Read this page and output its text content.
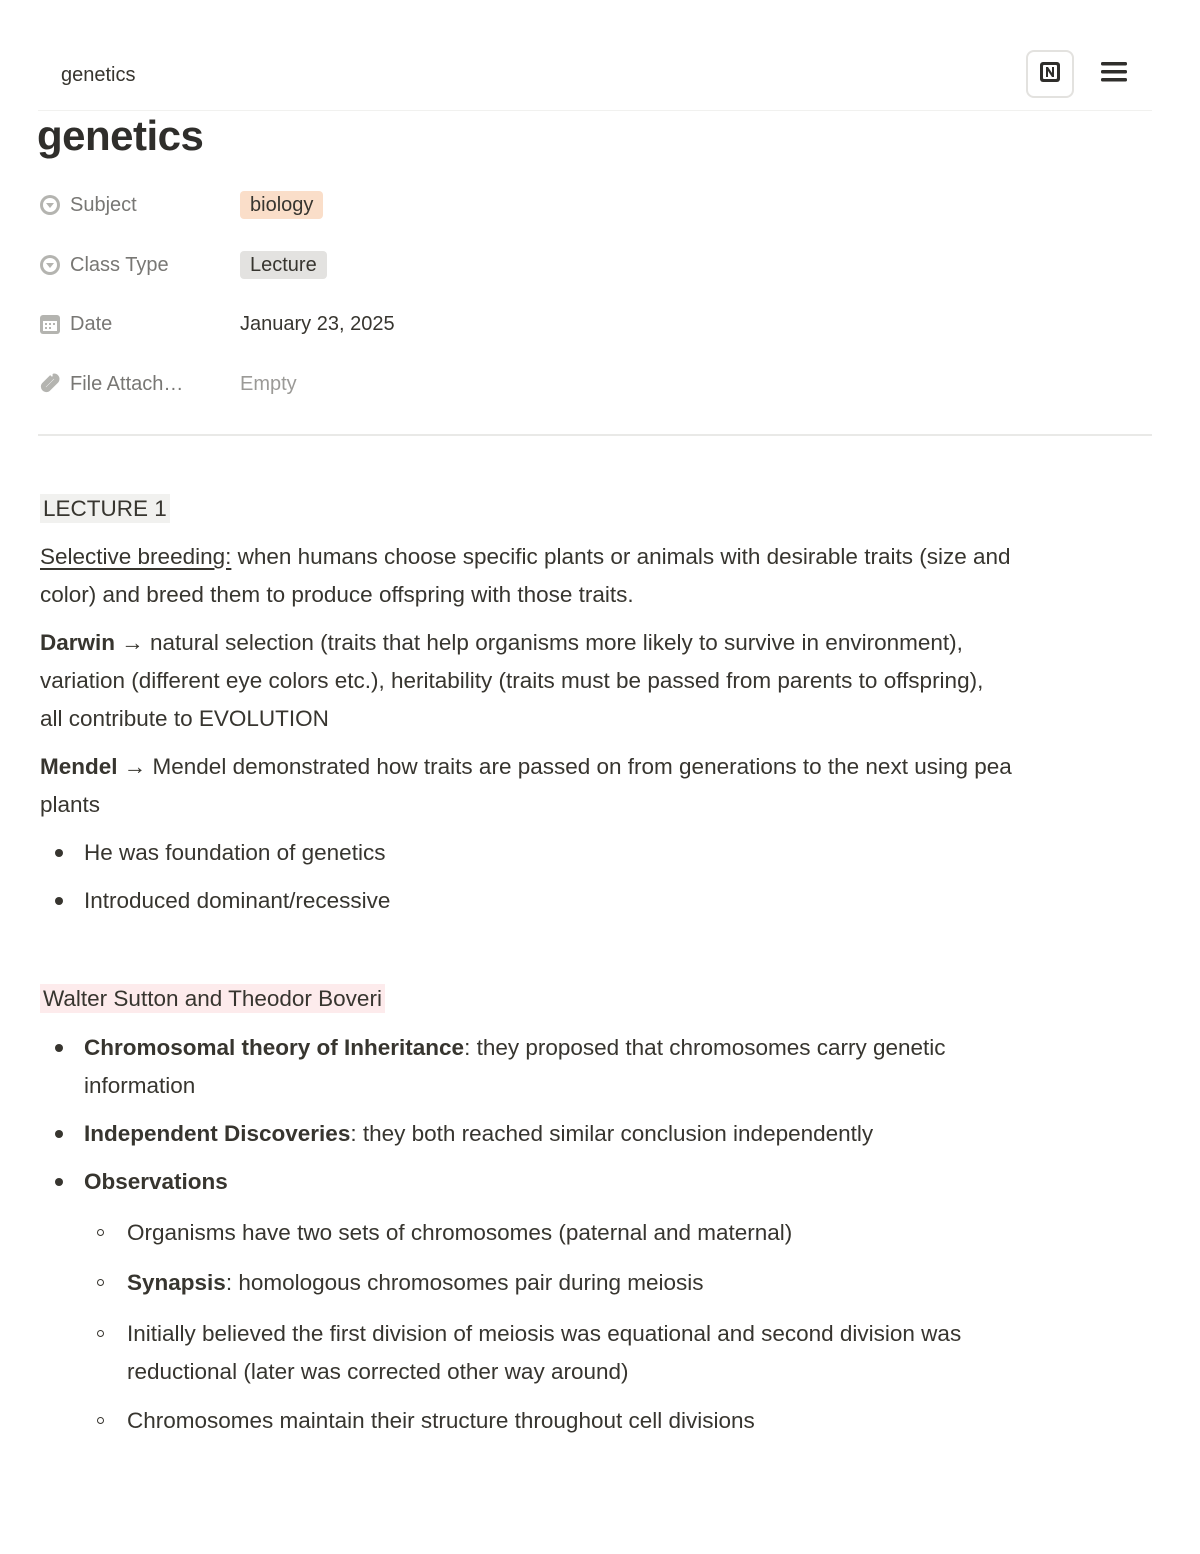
genetics
genetics
Subject	biology
Class Type	Lecture
Date	January 23, 2025
File Attach…	Empty
LECTURE 1
Selective breeding: when humans choose specific plants or animals with desirable traits (size and
color) and breed them to produce offspring with those traits.
Darwin → natural selection (traits that help organisms more likely to survive in environment),
variation (different eye colors etc.), heritability (traits must be passed from parents to offspring),
all contribute to EVOLUTION
Mendel → Mendel demonstrated how traits are passed on from generations to the next using pea
plants
He was foundation of genetics
Introduced dominant/recessive
Walter Sutton and Theodor Boveri
Chromosomal theory of Inheritance: they proposed that chromosomes carry genetic
information
Independent Discoveries: they both reached similar conclusion independently
Observations
Organisms have two sets of chromosomes (paternal and maternal)
Synapsis: homologous chromosomes pair during meiosis
Initially believed the first division of meiosis was equational and second division was
reductional (later was corrected other way around)
Chromosomes maintain their structure throughout cell divisions
